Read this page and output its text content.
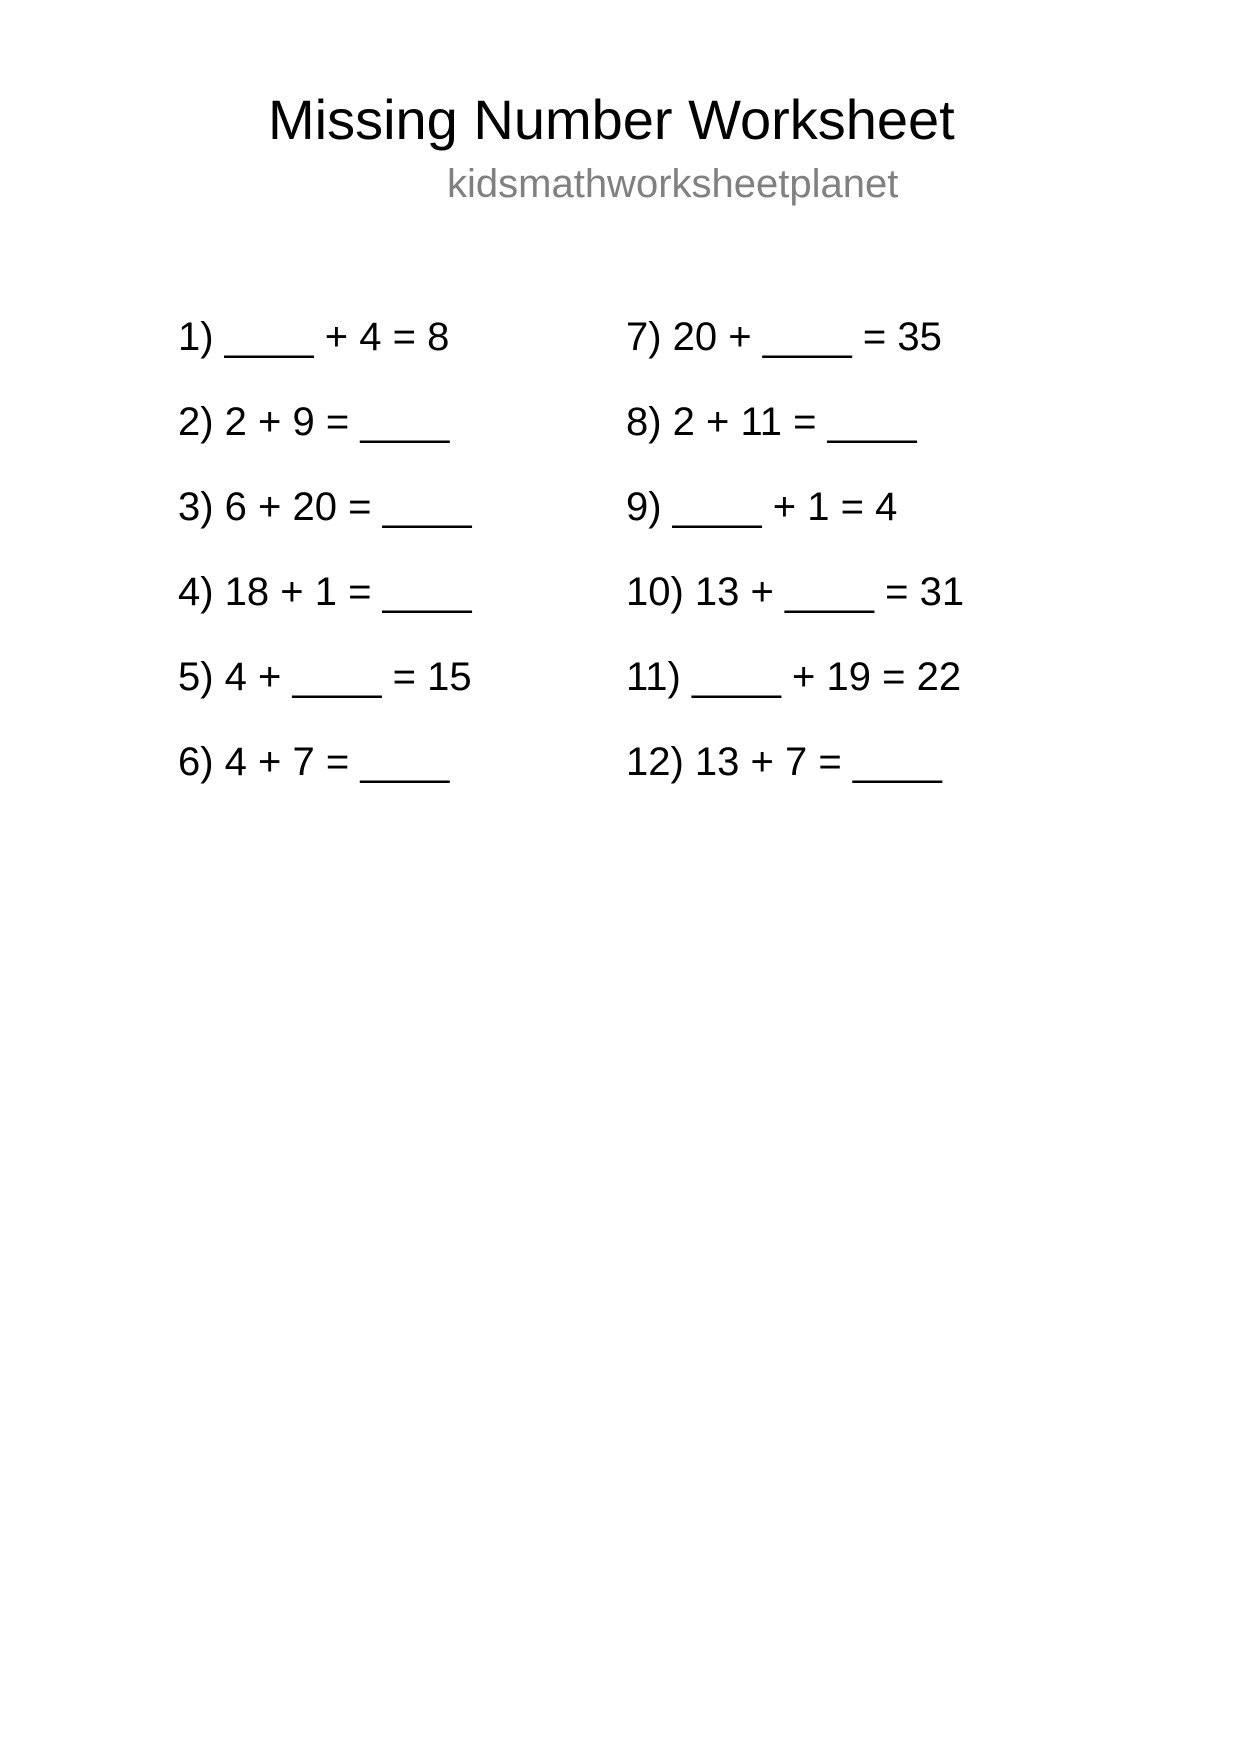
Missing Number Worksheet
kidsmathworksheetplanet
1) ____ + 4 = 8
2) 2 + 9 = ____
3) 6 + 20 = ____
4) 18 + 1 = ____
5) 4 + ____ = 15
6) 4 + 7 = ____
7) 20 + ____ = 35
8) 2 + 11 = ____
9) ____ + 1 = 4
10) 13 + ____ = 31
11) ____ + 19 = 22
12) 13 + 7 = ____
